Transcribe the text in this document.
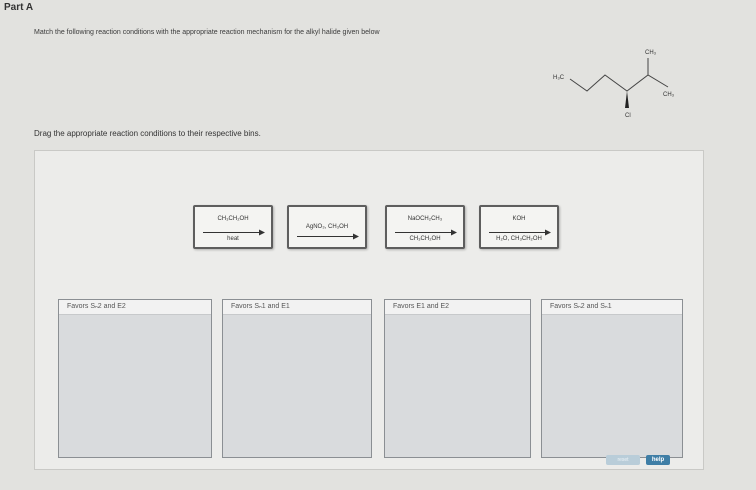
Part A
Match the following reaction conditions with the appropriate reaction mechanism for the alkyl halide given below
H₃C
CH₃
CH₃
Cl
Drag the appropriate reaction conditions to their respective bins.
CH₃CH₂OH
heat
AgNO₃, CH₃OH
NaOCH₂CH₃
CH₃CH₂OH
KOH
H₂O, CH₃CH₂OH
Favors Sₙ2 and E2	Favors Sₙ1 and E1	Favors E1 and E2	Favors Sₙ2 and Sₙ1
reset	help
